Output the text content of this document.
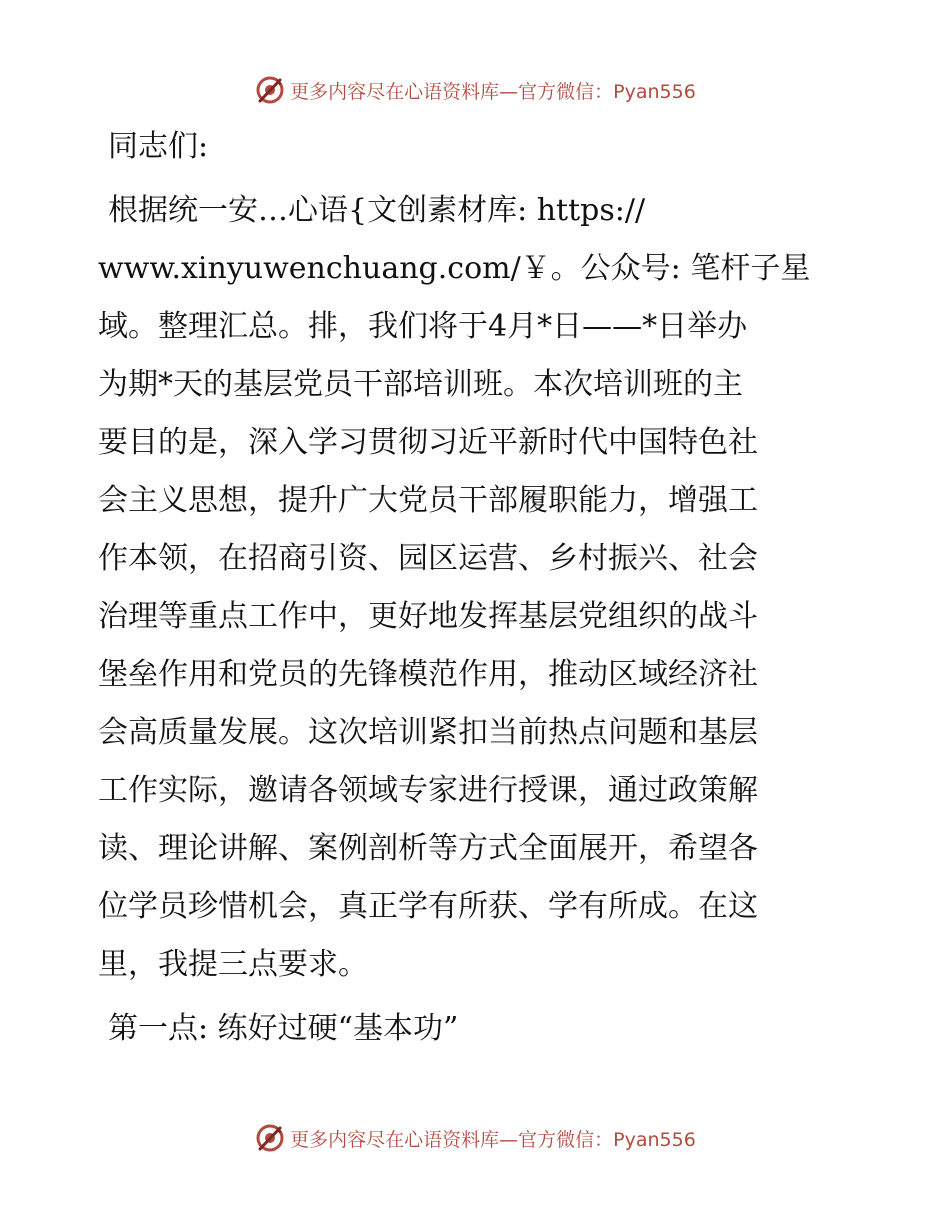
更多内容尽在心语资料库—官方微信：Pyan556
同志们:
根据统一安…心语{文创素材库: https://
www.xinyuwenchuang.com/￥。公众号: 笔杆子星
域。整理汇总。排，我们将于4月*日——*日举办
为期*天的基层党员干部培训班。本次培训班的主
要目的是，深入学习贯彻习近平新时代中国特色社
会主义思想，提升广大党员干部履职能力，增强工
作本领，在招商引资、园区运营、乡村振兴、社会
治理等重点工作中，更好地发挥基层党组织的战斗
堡垒作用和党员的先锋模范作用，推动区域经济社
会高质量发展。这次培训紧扣当前热点问题和基层
工作实际，邀请各领域专家进行授课，通过政策解
读、理论讲解、案例剖析等方式全面展开，希望各
位学员珍惜机会，真正学有所获、学有所成。在这
里，我提三点要求。
第一点: 练好过硬“基本功”
更多内容尽在心语资料库—官方微信：Pyan556
